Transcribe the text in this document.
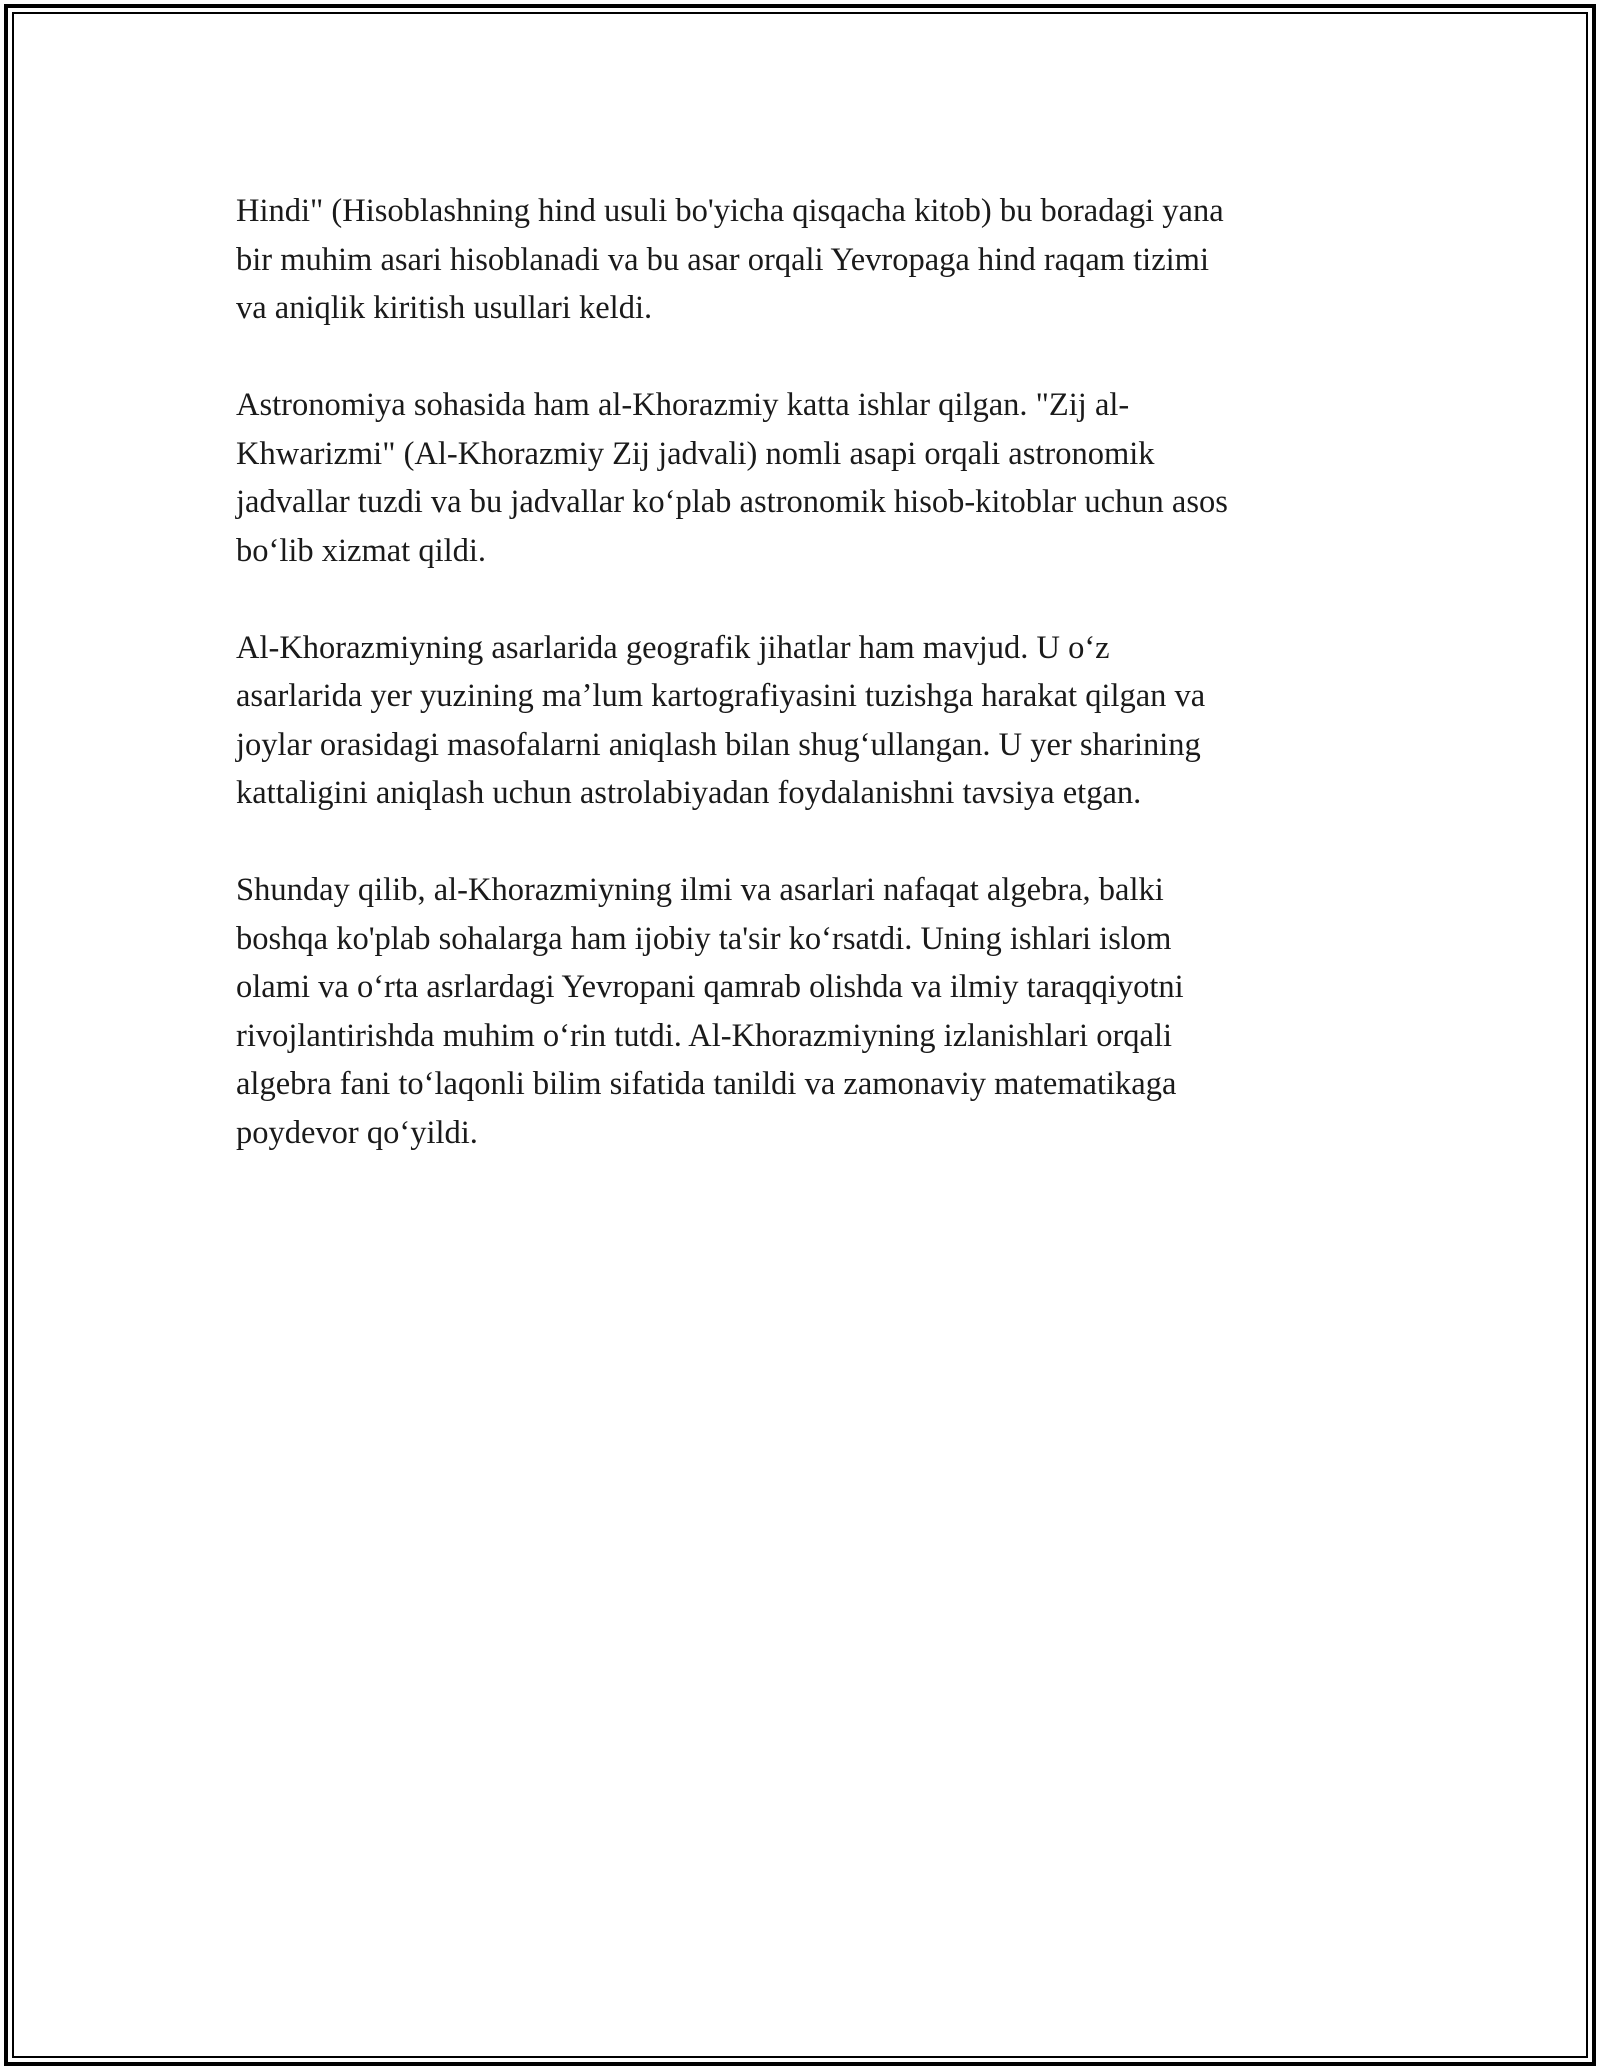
Hindi" (Hisoblashning hind usuli bo'yicha qisqacha kitob) bu boradagi yana
bir muhim asari hisoblanadi va bu asar orqali Yevropaga hind raqam tizimi
va aniqlik kiritish usullari keldi.

Astronomiya sohasida ham al-Khorazmiy katta ishlar qilgan. "Zij al-
Khwarizmi" (Al-Khorazmiy Zij jadvali) nomli asapi orqali astronomik
jadvallar tuzdi va bu jadvallar koʻplab astronomik hisob-kitoblar uchun asos
boʻlib xizmat qildi.

Al-Khorazmiyning asarlarida geografik jihatlar ham mavjud. U oʻz
asarlarida yer yuzining maʼlum kartografiyasini tuzishga harakat qilgan va
joylar orasidagi masofalarni aniqlash bilan shugʻullangan. U yer sharining
kattaligini aniqlash uchun astrolabiyadan foydalanishni tavsiya etgan.

Shunday qilib, al-Khorazmiyning ilmi va asarlari nafaqat algebra, balki
boshqa ko'plab sohalarga ham ijobiy ta'sir koʻrsatdi. Uning ishlari islom
olami va oʻrta asrlardagi Yevropani qamrab olishda va ilmiy taraqqiyotni
rivojlantirishda muhim oʻrin tutdi. Al-Khorazmiyning izlanishlari orqali
algebra fani toʻlaqonli bilim sifatida tanildi va zamonaviy matematikaga
poydevor qoʻyildi.
